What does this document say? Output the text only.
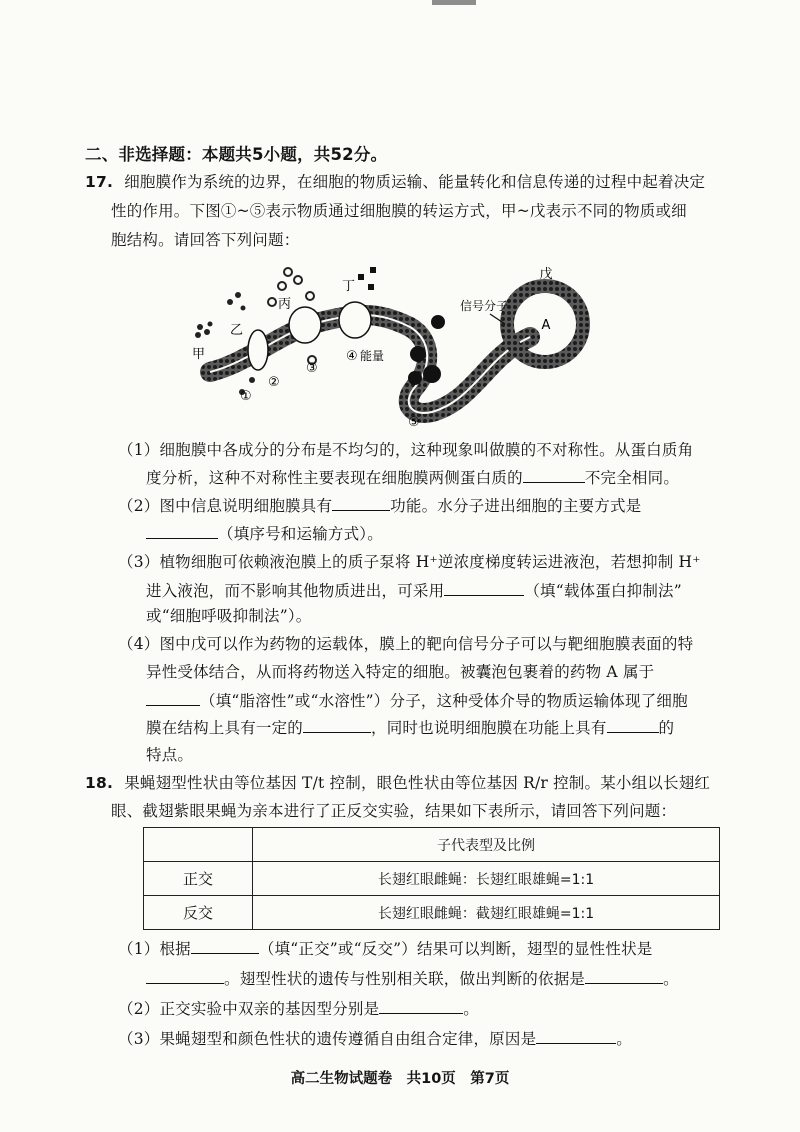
二、非选择题：本题共5小题，共52分。
17. 细胞膜作为系统的边界，在细胞的物质运输、能量转化和信息传递的过程中起着决定
性的作用。下图①~⑤表示物质通过细胞膜的转运方式，甲~戊表示不同的物质或细
胞结构。请回答下列问题：
A
戊
信号分子
甲
乙
丙
丁
①
②
③
④ 能量
⑤
（1）细胞膜中各成分的分布是不均匀的，这种现象叫做膜的不对称性。从蛋白质角
度分析，这种不对称性主要表现在细胞膜两侧蛋白质的	不完全相同。
（2）图中信息说明细胞膜具有	功能。水分子进出细胞的主要方式是
（填序号和运输方式）。
（3）植物细胞可依赖液泡膜上的质子泵将 H⁺逆浓度梯度转运进液泡，若想抑制 H⁺
进入液泡，而不影响其他物质进出，可采用	（填“载体蛋白抑制法”
或“细胞呼吸抑制法”）。
（4）图中戊可以作为药物的运载体，膜上的靶向信号分子可以与靶细胞膜表面的特
异性受体结合，从而将药物送入特定的细胞。被囊泡包裹着的药物 A 属于
（填“脂溶性”或“水溶性”）分子，这种受体介导的物质运输体现了细胞
膜在结构上具有一定的	，同时也说明细胞膜在功能上具有	的
特点。
18. 果蝇翅型性状由等位基因 T/t 控制，眼色性状由等位基因 R/r 控制。某小组以长翅红
眼、截翅紫眼果蝇为亲本进行了正反交实验，结果如下表所示，请回答下列问题：
	子代表型及比例
正交	长翅红眼雌蝇：长翅红眼雄蝇=1:1
反交	长翅红眼雌蝇：截翅红眼雄蝇=1:1
（1）根据	（填“正交”或“反交”）结果可以判断，翅型的显性性状是
。翅型性状的遗传与性别相关联，做出判断的依据是	。
（2）正交实验中双亲的基因型分别是	。
（3）果蝇翅型和颜色性状的遗传遵循自由组合定律，原因是	。
高二生物试题卷　共10页　第7页
